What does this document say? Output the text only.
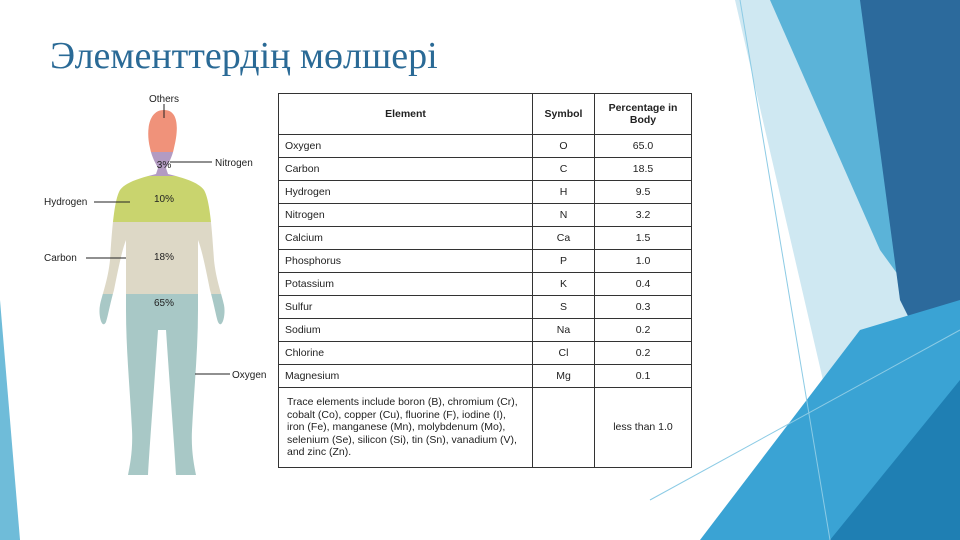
Элементтердің мөлшері
Others
Nitrogen
Hydrogen
Carbon
Oxygen
3%
10%
18%
65%
Element	Symbol	Percentage in Body
Oxygen	O	65.0
Carbon	C	18.5
Hydrogen	H	9.5
Nitrogen	N	3.2
Calcium	Ca	1.5
Phosphorus	P	1.0
Potassium	K	0.4
Sulfur	S	0.3
Sodium	Na	0.2
Chlorine	Cl	0.2
Magnesium	Mg	0.1
Trace elements include boron (B), chromium (Cr), cobalt (Co), copper (Cu), fluorine (F), iodine (I), iron (Fe), manganese (Mn), molybdenum (Mo), selenium (Se), silicon (Si), tin (Sn), vanadium (V), and zinc (Zn).		less than 1.0
